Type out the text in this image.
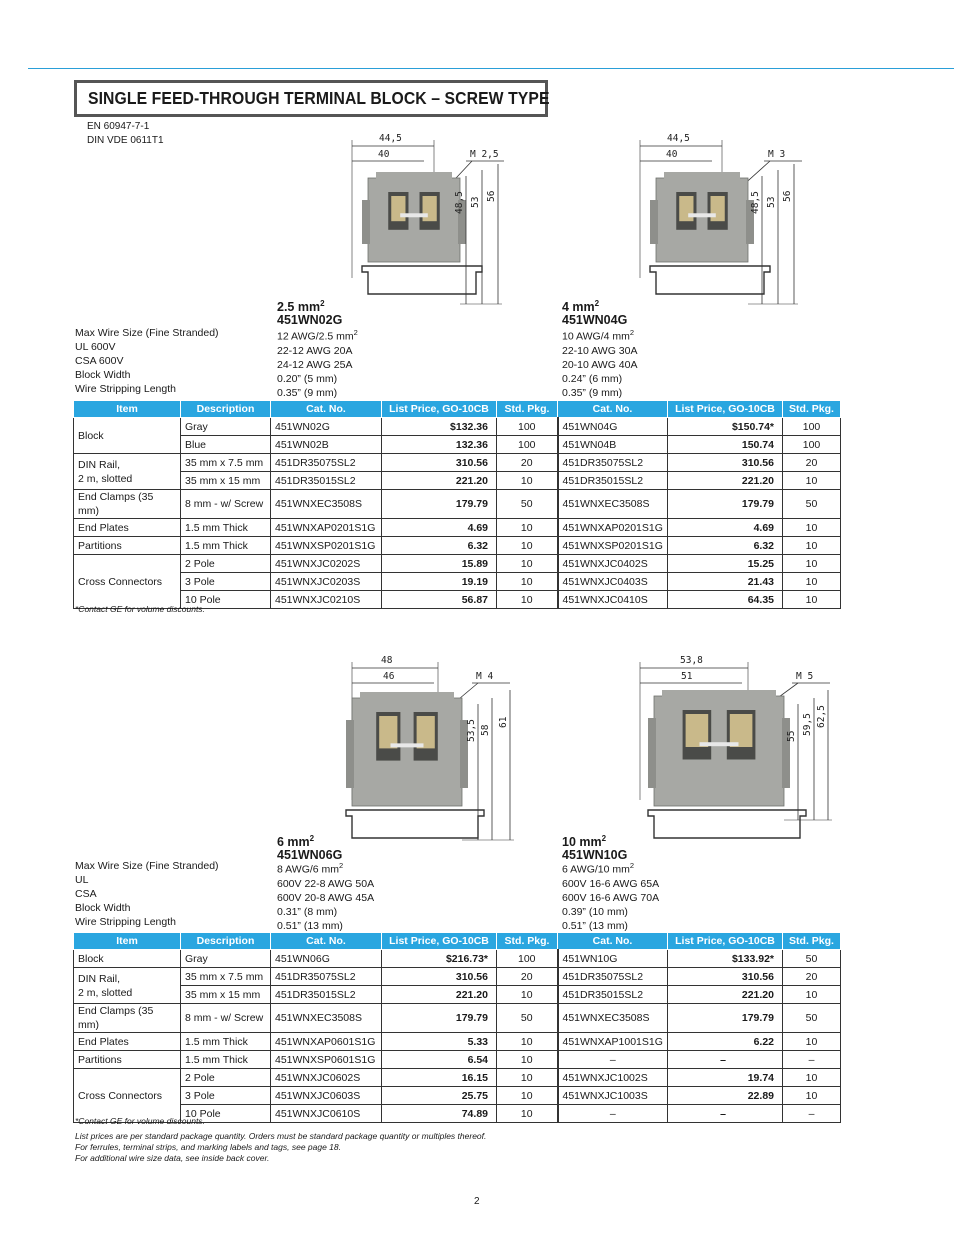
SINGLE FEED-THROUGH TERMINAL BLOCK – SCREW TYPE
EN 60947-7-1
DIN VDE 0611T1	44,5
40	M 2,5
48,5 53
56
44,5
40	M 3
48,5 53
56
48
46	M 4
53,5 58
61
53,8
51	M 5
55
59,5 62,5
2.5 $mm^2$
451WN02G
4 $mm^2$
451WN04G
Max Wire Size (Fine Stranded)
UL 600V
CSA 600V
Block Width
Wire Stripping Length
12 AWG/2.5 $mm^2$
22-12 AWG 20A
24-12 AWG 25A
0.20” (5 mm)
0.35” (9 mm)
10 AWG/4 $mm^2$
22-10 AWG 30A
20-10 AWG 40A
0.24” (6 mm)
0.35” (9 mm)
Item	Description	Cat. No.	List Price, GO-10CB	Std. Pkg.	Cat. No.	List Price, GO-10CB	Std. Pkg.
Block	Gray	451WN02G	$132.36	100	451WN04G	$150.74*	100
	Blue	451WN02B	132.36	100	451WN04B	150.74	100
DIN Rail,
2 m, slotted	35 mm x 7.5 mm	451DR35075SL2	310.56	20	451DR35075SL2	310.56	20
	35 mm x 15 mm	451DR35015SL2	221.20	10	451DR35015SL2	221.20	10
End Clamps (35 mm)	8 mm - w/ Screw	451WNXEC3508S	179.79	50	451WNXEC3508S	179.79	50
End Plates	1.5 mm Thick	451WNXAP0201S1G	4.69	10	451WNXAP0201S1G	4.69	10
Partitions	1.5 mm Thick	451WNXSP0201S1G	6.32	10	451WNXSP0201S1G	6.32	10
Cross Connectors	2 Pole	451WNXJC0202S	15.89	10	451WNXJC0402S	15.25	10
	3 Pole	451WNXJC0203S	19.19	10	451WNXJC0403S	21.43	10
	10 Pole	451WNXJC0210S	56.87	10	451WNXJC0410S	64.35	10
*Contact GE for volume discounts.
6 $mm^2$
451WN06G
10 $mm^2$
451WN10G
Max Wire Size (Fine Stranded)
UL
CSA
Block Width
Wire Stripping Length
8 AWG/6 $mm^2$
600V 22-8 AWG 50A
600V 20-8 AWG 45A
0.31” (8 mm)
0.51” (13 mm)
6 AWG/10 $mm^2$
600V 16-6 AWG 65A
600V 16-6 AWG 70A
0.39” (10 mm)
0.51” (13 mm)
Item	Description	Cat. No.	List Price, GO-10CB	Std. Pkg.	Cat. No.	List Price, GO-10CB	Std. Pkg.
Block	Gray	451WN06G	$216.73*	100	451WN10G	$133.92*	50
DIN Rail,
2 m, slotted	35 mm x 7.5 mm	451DR35075SL2	310.56	20	451DR35075SL2	310.56	20
	35 mm x 15 mm	451DR35015SL2	221.20	10	451DR35015SL2	221.20	10
End Clamps (35 mm)	8 mm - w/ Screw	451WNXEC3508S	179.79	50	451WNXEC3508S	179.79	50
End Plates	1.5 mm Thick	451WNXAP0601S1G	5.33	10	451WNXAP1001S1G	6.22	10
Partitions	1.5 mm Thick	451WNXSP0601S1G	6.54	10	–	–	–
Cross Connectors	2 Pole	451WNXJC0602S	16.15	10	451WNXJC1002S	19.74	10
	3 Pole	451WNXJC0603S	25.75	10	451WNXJC1003S	22.89	10
	10 Pole	451WNXJC0610S	74.89	10	–	–	–
*Contact GE for volume discounts.
List prices are per standard package quantity. Orders must be standard package quantity or multiples thereof.
For ferrules, terminal strips, and marking labels and tags, see page 18.
For additional wire size data, see inside back cover.
2
